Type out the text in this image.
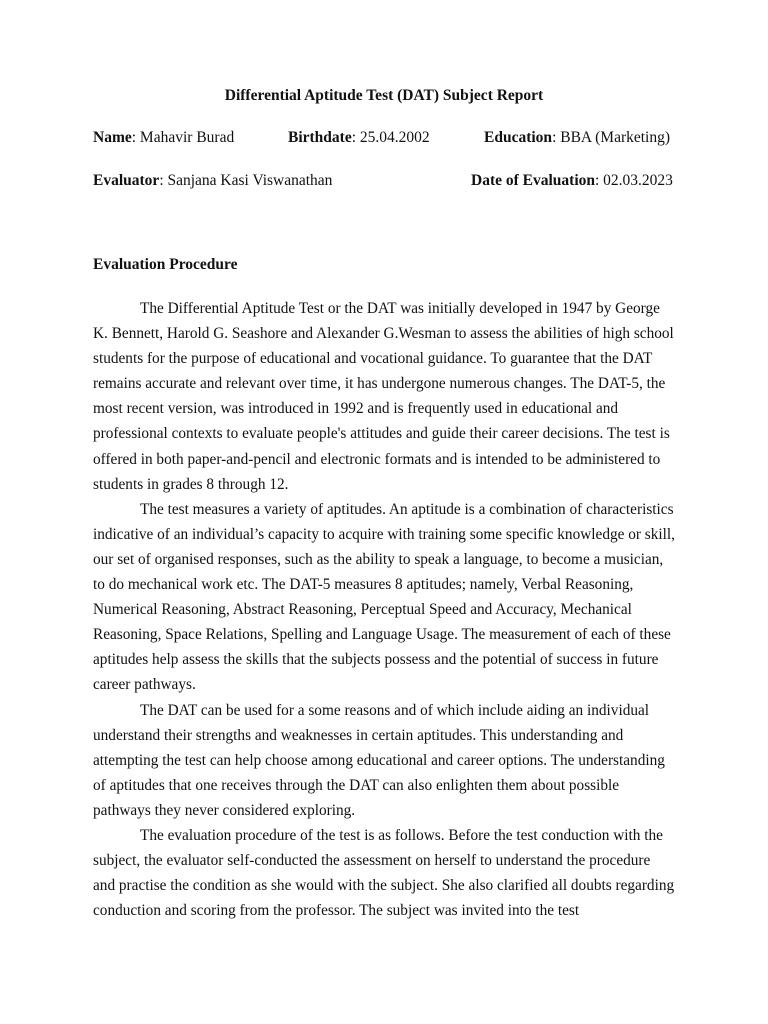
Differential Aptitude Test (DAT) Subject Report
Name: Mahavir Burad	Birthdate: 25.04.2002	Education: BBA (Marketing)
Evaluator: Sanjana Kasi Viswanathan	Date of Evaluation: 02.03.2023
Evaluation Procedure

The Differential Aptitude Test or the DAT was initially developed in 1947 by George K. Bennett, Harold G. Seashore and Alexander G.Wesman to assess the abilities of high school students for the purpose of educational and vocational guidance. To guarantee that the DAT remains accurate and relevant over time, it has undergone numerous changes. The DAT-5, the most recent version, was introduced in 1992 and is frequently used in educational and professional contexts to evaluate people's attitudes and guide their career decisions. The test is offered in both paper-and-pencil and electronic formats and is intended to be administered to students in grades 8 through 12.

The test measures a variety of aptitudes. An aptitude is a combination of characteristics indicative of an individual’s capacity to acquire with training some specific knowledge or skill, our set of organised responses, such as the ability to speak a language, to become a musician, to do mechanical work etc. The DAT-5 measures 8 aptitudes; namely, Verbal Reasoning, Numerical Reasoning, Abstract Reasoning, Perceptual Speed and Accuracy, Mechanical Reasoning, Space Relations, Spelling and Language Usage. The measurement of each of these aptitudes help assess the skills that the subjects possess and the potential of success in future career pathways.

The DAT can be used for a some reasons and of which include aiding an individual understand their strengths and weaknesses in certain aptitudes. This understanding and attempting the test can help choose among educational and career options. The understanding of aptitudes that one receives through the DAT can also enlighten them about possible pathways they never considered exploring.

The evaluation procedure of the test is as follows. Before the test conduction with the subject, the evaluator self-conducted the assessment on herself to understand the procedure and practise the condition as she would with the subject. She also clarified all doubts regarding conduction and scoring from the professor. The subject was invited into the test
